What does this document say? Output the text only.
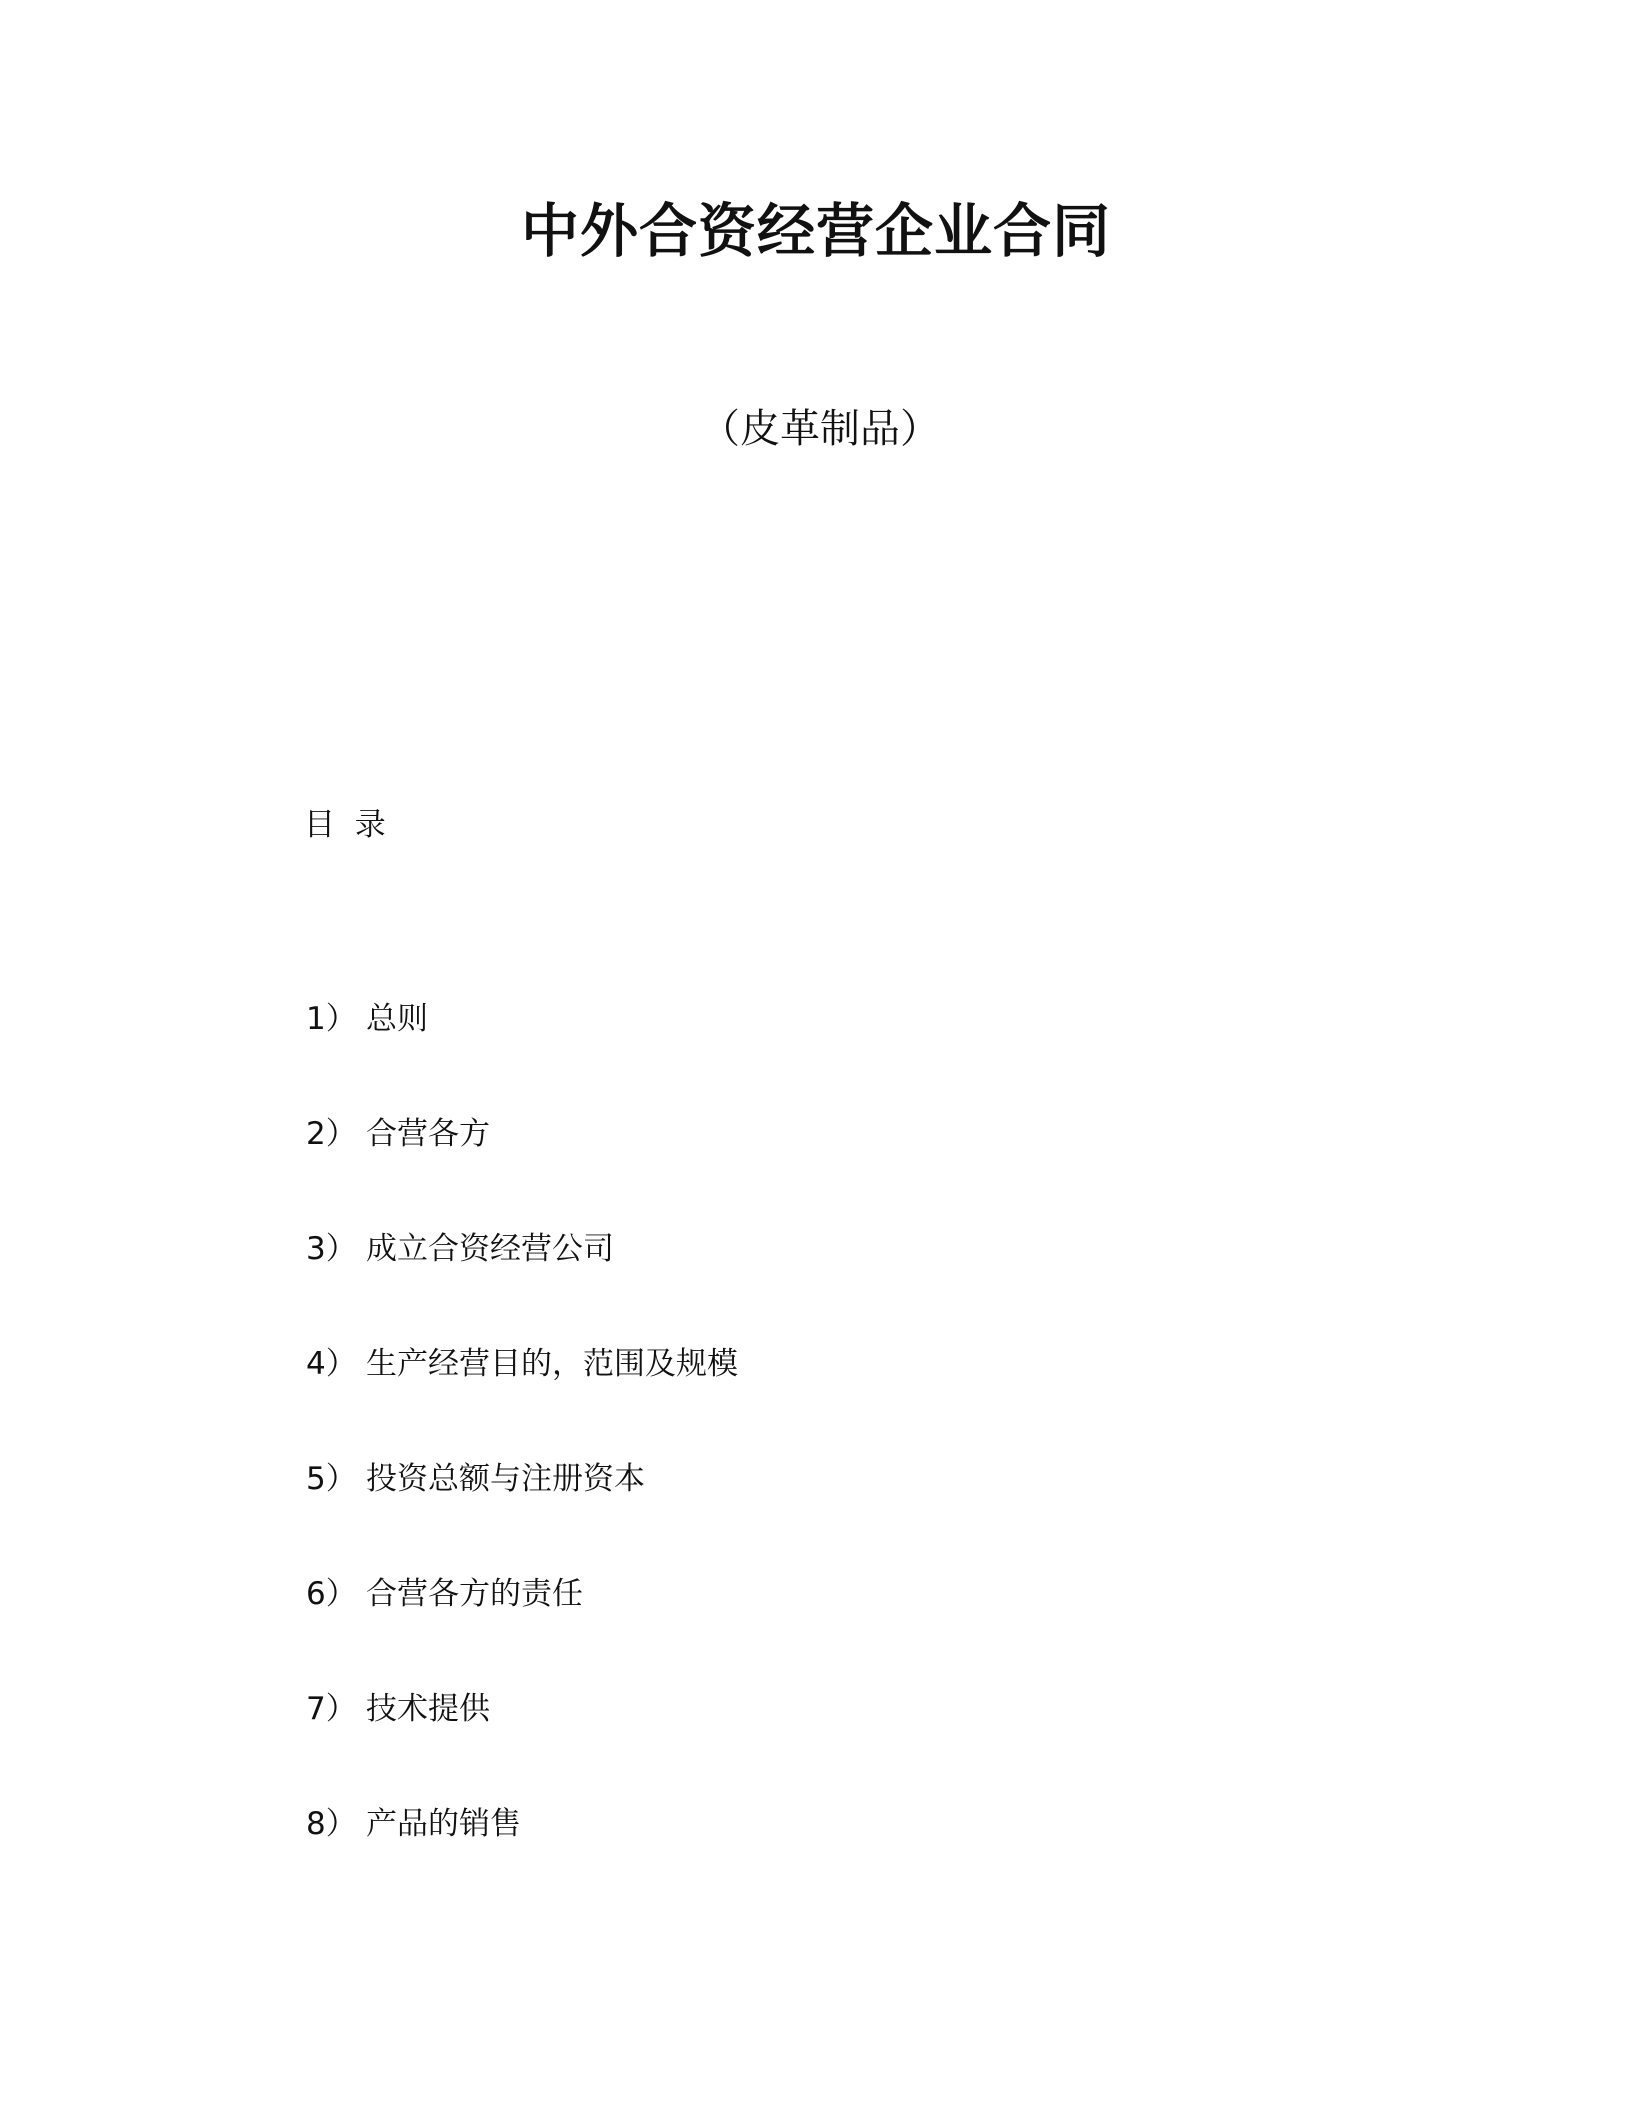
中外合资经营企业合同
（皮革制品）
目  录
1） 总则
2） 合营各方
3） 成立合资经营公司
4） 生产经营目的，范围及规模
5） 投资总额与注册资本
6） 合营各方的责任
7） 技术提供
8） 产品的销售
